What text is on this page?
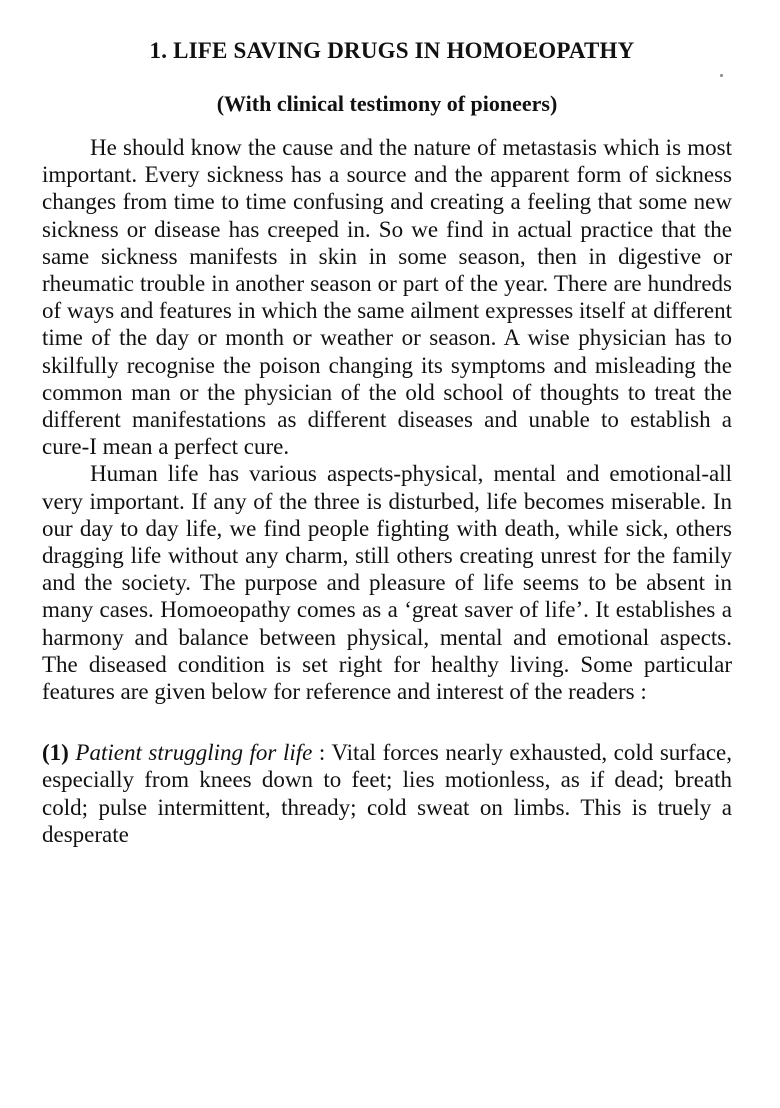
1. LIFE SAVING DRUGS IN HOMOEOPATHY
(With clinical testimony of pioneers)

He should know the cause and the nature of metastasis which is most important. Every sickness has a source and the apparent form of sickness changes from time to time confusing and creating a feeling that some new sickness or disease has creeped in. So we find in actual practice that the same sickness manifests in skin in some season, then in digestive or rheumatic trouble in another season or part of the year. There are hundreds of ways and features in which the same ailment expresses itself at different time of the day or month or weather or season. A wise physician has to skilfully recognise the poison changing its symptoms and misleading the common man or the physician of the old school of thoughts to treat the different manifestations as different diseases and unable to establish a cure-I mean a perfect cure.

Human life has various aspects-physical, mental and emotional-all very important. If any of the three is disturbed, life becomes miserable. In our day to day life, we find people fighting with death, while sick, others dragging life without any charm, still others creating unrest for the family and the society. The purpose and pleasure of life seems to be absent in many cases. Homoeopathy comes as a ‘great saver of life’. It establishes a harmony and balance between physical, mental and emotional aspects. The diseased condition is set right for healthy living. Some particular features are given below for reference and interest of the readers :

(1) Patient struggling for life : Vital forces nearly exhausted, cold surface, especially from knees down to feet; lies motionless, as if dead; breath cold; pulse intermittent, thready; cold sweat on limbs. This is truely a desperate
